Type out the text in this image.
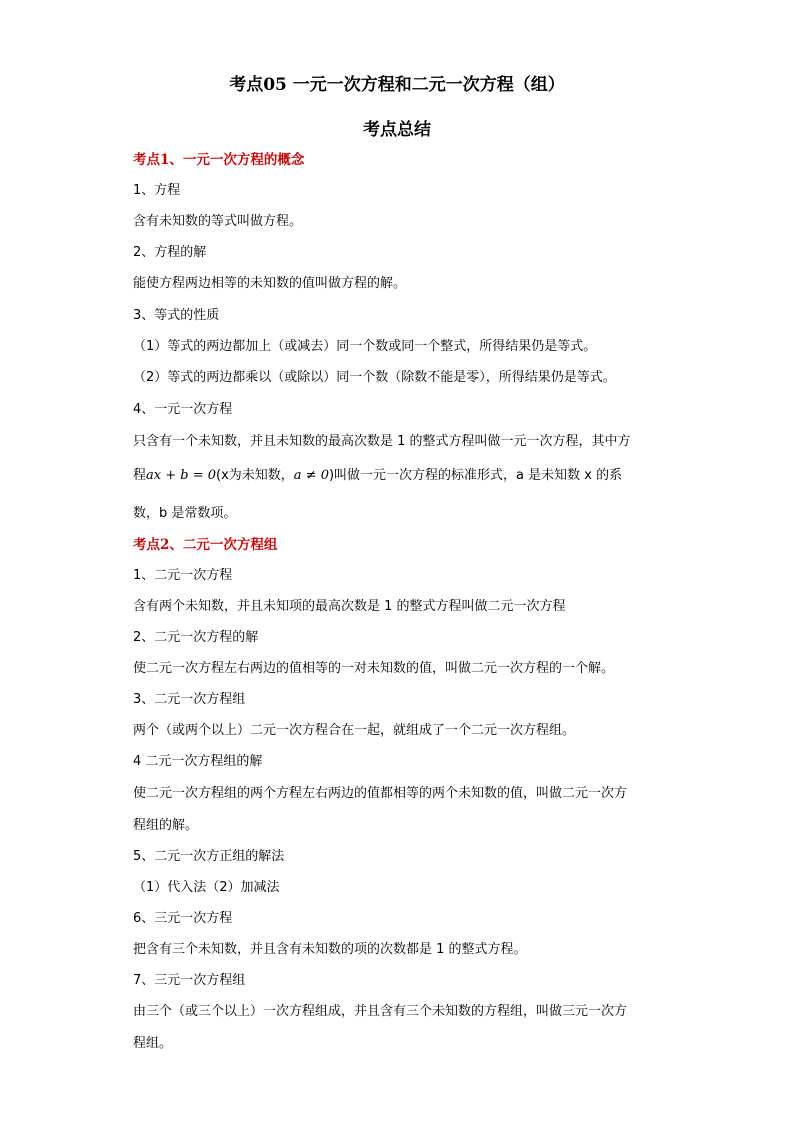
考点05 一元一次方程和二元一次方程（组）
考点总结
考点1、一元一次方程的概念
1、方程
含有未知数的等式叫做方程。
2、方程的解
能使方程两边相等的未知数的值叫做方程的解。
3、等式的性质
（1）等式的两边都加上（或减去）同一个数或同一个整式，所得结果仍是等式。
（2）等式的两边都乘以（或除以）同一个数（除数不能是零），所得结果仍是等式。
4、一元一次方程
只含有一个未知数，并且未知数的最高次数是 1 的整式方程叫做一元一次方程，其中方
程ax + b = 0(x为未知数，a ≠ 0)叫做一元一次方程的标准形式，a 是未知数 x 的系
数，b 是常数项。
考点2、二元一次方程组
1、二元一次方程
含有两个未知数，并且未知项的最高次数是 1 的整式方程叫做二元一次方程
2、二元一次方程的解
使二元一次方程左右两边的值相等的一对未知数的值，叫做二元一次方程的一个解。
3、二元一次方程组
两个（或两个以上）二元一次方程合在一起，就组成了一个二元一次方程组。
4 二元一次方程组的解
使二元一次方程组的两个方程左右两边的值都相等的两个未知数的值，叫做二元一次方
程组的解。
5、二元一次方正组的解法
（1）代入法（2）加减法
6、三元一次方程
把含有三个未知数，并且含有未知数的项的次数都是 1 的整式方程。
7、三元一次方程组
由三个（或三个以上）一次方程组成，并且含有三个未知数的方程组，叫做三元一次方
程组。
